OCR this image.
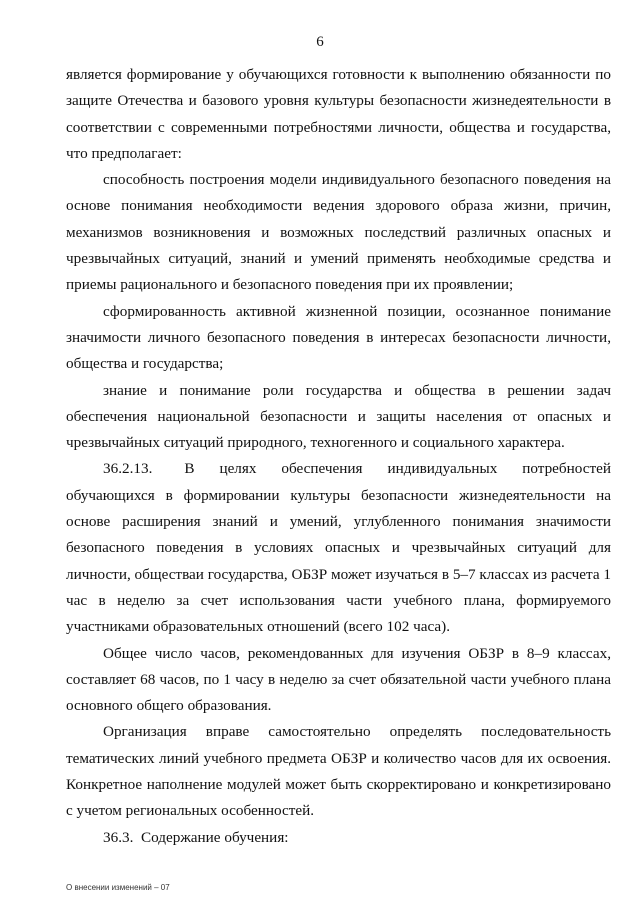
6

является формирование у обучающихся готовности к выполнению обязанности по защите Отечества и базового уровня культуры безопасности жизнедеятельности в соответствии с современными потребностями личности, общества и государства, что предполагает:

способность построения модели индивидуального безопасного поведения на основе понимания необходимости ведения здорового образа жизни, причин, механизмов возникновения и возможных последствий различных опасных и чрезвычайных ситуаций, знаний и умений применять необходимые средства и приемы рационального и безопасного поведения при их проявлении;

сформированность активной жизненной позиции, осознанное понимание значимости личного безопасного поведения в интересах безопасности личности, общества и государства;

знание и понимание роли государства и общества в решении задач обеспечения национальной безопасности и защиты населения от опасных и чрезвычайных ситуаций природного, техногенного и социального характера.

36.2.13. В целях обеспечения индивидуальных потребностей обучающихся в формировании культуры безопасности жизнедеятельности на основе расширения знаний и умений, углубленного понимания значимости безопасного поведения в условиях опасных и чрезвычайных ситуаций для личности, обществаи государства, ОБЗР может изучаться в 5–7 классах из расчета 1 час в неделю за счет использования части учебного плана, формируемого участниками образовательных отношений (всего 102 часа).

Общее число часов, рекомендованных для изучения ОБЗР в 8–9 классах, составляет 68 часов, по 1 часу в неделю за счет обязательной части учебного плана основного общего образования.

Организация вправе самостоятельно определять последовательность тематических линий учебного предмета ОБЗР и количество часов для их освоения. Конкретное наполнение модулей может быть скорректировано и конкретизировано с учетом региональных особенностей.

36.3. Содержание обучения:

О внесении изменений – 07
